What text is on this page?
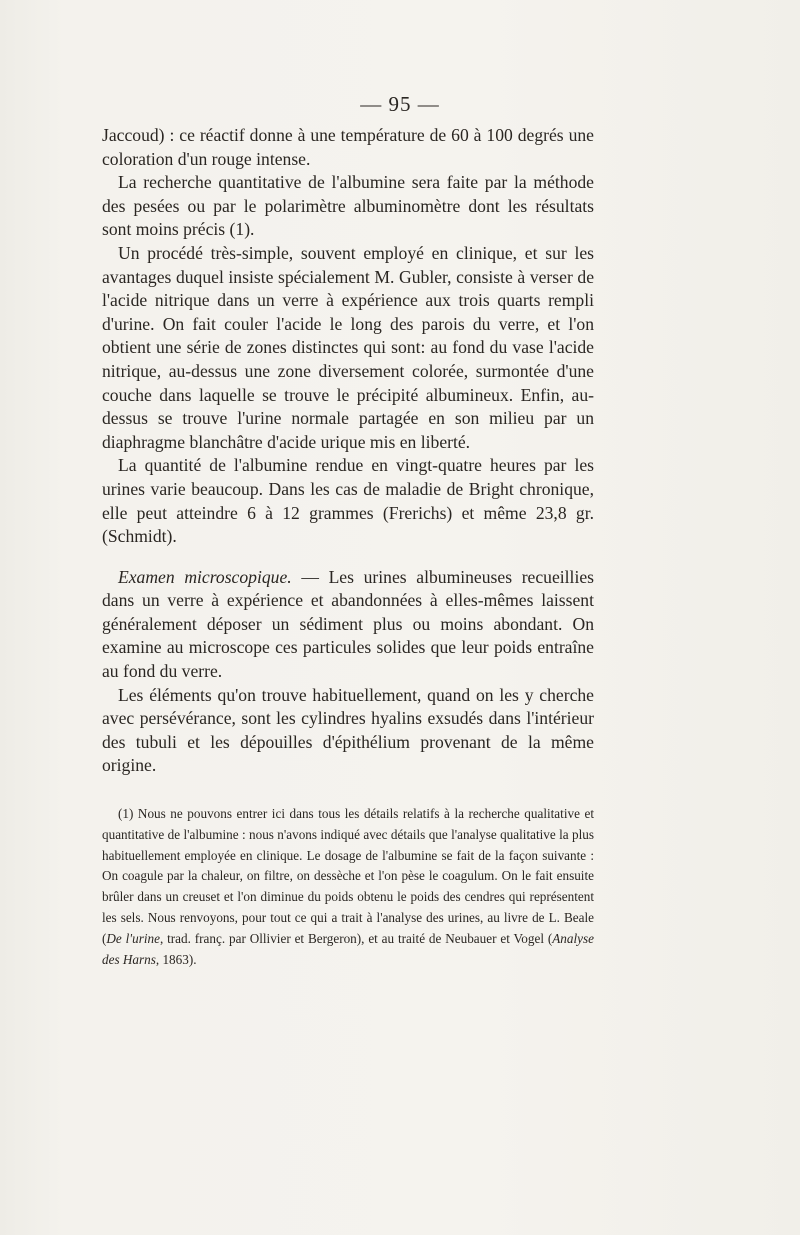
— 95 —

Jaccoud) : ce réactif donne à une température de 60 à 100 degrés une coloration d'un rouge intense.

La recherche quantitative de l'albumine sera faite par la méthode des pesées ou par le polarimètre albuminomètre dont les résultats sont moins précis (1).

Un procédé très-simple, souvent employé en clinique, et sur les avantages duquel insiste spécialement M. Gubler, consiste à verser de l'acide nitrique dans un verre à expérience aux trois quarts rempli d'urine. On fait couler l'acide le long des parois du verre, et l'on obtient une série de zones distinctes qui sont: au fond du vase l'acide nitrique, au-dessus une zone diversement colorée, surmontée d'une couche dans laquelle se trouve le précipité albumineux. Enfin, au-dessus se trouve l'urine normale partagée en son milieu par un diaphragme blanchâtre d'acide urique mis en liberté.

La quantité de l'albumine rendue en vingt-quatre heures par les urines varie beaucoup. Dans les cas de maladie de Bright chronique, elle peut atteindre 6 à 12 grammes (Frerichs) et même 23,8 gr. (Schmidt).

Examen microscopique. — Les urines albumineuses recueillies dans un verre à expérience et abandonnées à elles-mêmes laissent généralement déposer un sédiment plus ou moins abondant. On examine au microscope ces particules solides que leur poids entraîne au fond du verre.

Les éléments qu'on trouve habituellement, quand on les y cherche avec persévérance, sont les cylindres hyalins exsudés dans l'intérieur des tubuli et les dépouilles d'épithélium provenant de la même origine.

(1) Nous ne pouvons entrer ici dans tous les détails relatifs à la recherche qualitative et quantitative de l'albumine : nous n'avons indiqué avec détails que l'analyse qualitative la plus habituellement employée en clinique. Le dosage de l'albumine se fait de la façon suivante : On coagule par la chaleur, on filtre, on dessèche et l'on pèse le coagulum. On le fait ensuite brûler dans un creuset et l'on diminue du poids obtenu le poids des cendres qui représentent les sels. Nous renvoyons, pour tout ce qui a trait à l'analyse des urines, au livre de L. Beale (De l'urine, trad. franç. par Ollivier et Bergeron), et au traité de Neubauer et Vogel (Analyse des Harns, 1863).
